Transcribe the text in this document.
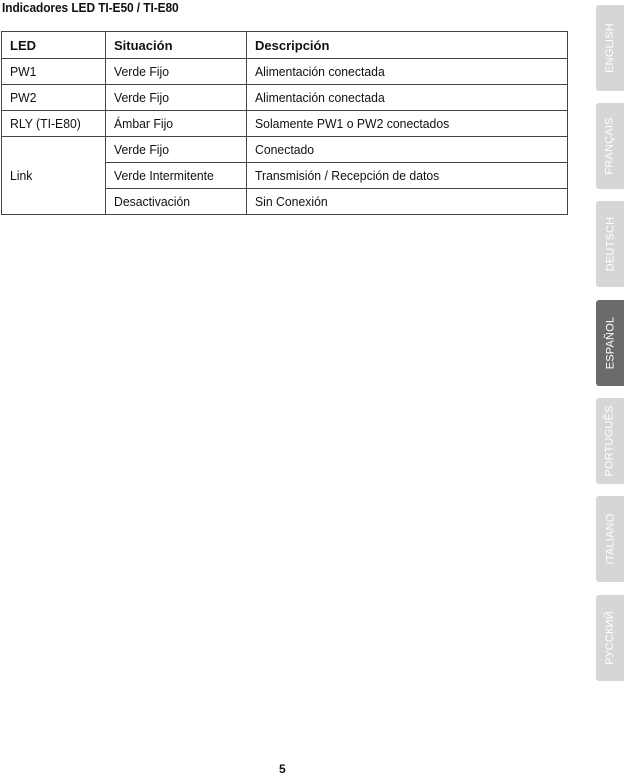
Indicadores LED TI-E50 / TI-E80
LED	Situación	Descripción
PW1	Verde Fijo	Alimentación conectada
PW2	Verde Fijo	Alimentación conectada
RLY (TI-E80)	Ámbar Fijo	Solamente PW1 o PW2 conectados
Link	Verde Fijo	Conectado
	Verde Intermitente	Transmisión / Recepción de datos
	Desactivación	Sin Conexión
ENGLISH
FRANÇAIS
DEUTSCH
ESPAÑOL
PORTUGUÊS
ITALIANO
РУССКИЙ
5
